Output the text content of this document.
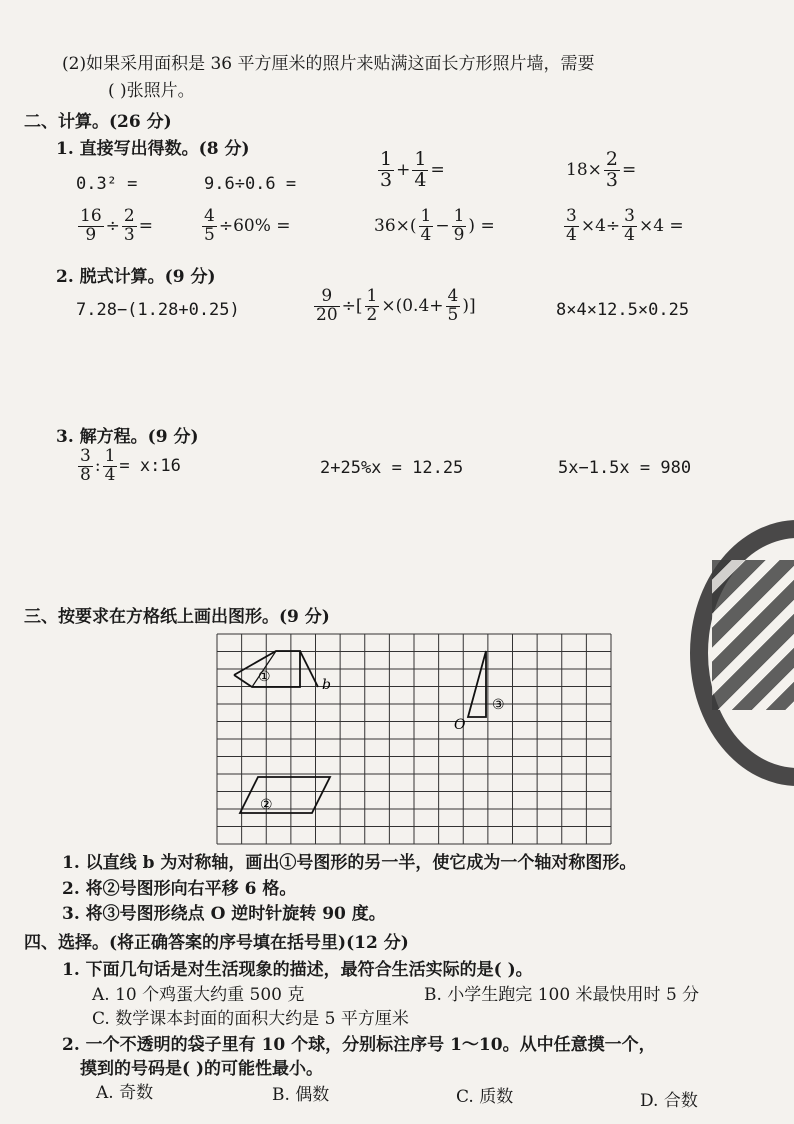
(2)如果采用面积是 36 平方厘米的照片来贴满这面长方形照片墙，需要
( )张照片。
二、计算。(26 分)
1. 直接写出得数。(8 分)
0.3² =	9.6÷0.6 =	$\frac{1}{3} + \frac{1}{4}$ =	$18\times \frac{2}{3}$ =
$\frac{16}{9} \div \frac{2}{3}$ =	$\frac{4}{5} \div 60\%$ =	$36\times( \frac{1}{4} - \frac{1}{9}$ ) =	$\frac{3}{4} \times 4\div \frac{3}{4} \times 4$ =
2. 脱式计算。(9 分)
7.28−(1.28+0.25)	$\frac{9}{20}$ ÷[ $\frac{1}{2} \times(0.4+ \frac{4}{5}$ )]	8×4×12.5×0.25
3. 解方程。(9 分)
$\frac{3}{8}$ : $\frac{1}{4}$ = x:16	2+25%x = 12.25	5x−1.5x = 980
三、按要求在方格纸上画出图形。(9 分)
①	b
③
O
②
1. 以直线 b 为对称轴，画出①号图形的另一半，使它成为一个轴对称图形。
2. 将②号图形向右平移 6 格。
3. 将③号图形绕点 O 逆时针旋转 90 度。
四、选择。(将正确答案的序号填在括号里)(12 分)
1. 下面几句话是对生活现象的描述，最符合生活实际的是( )。
A. 10 个鸡蛋大约重 500 克	B. 小学生跑完 100 米最快用时 5 分
C. 数学课本封面的面积大约是 5 平方厘米
2. 一个不透明的袋子里有 10 个球，分别标注序号 1～10。从中任意摸一个，
摸到的号码是( )的可能性最小。
A. 奇数	B. 偶数	C. 质数	D. 合数
